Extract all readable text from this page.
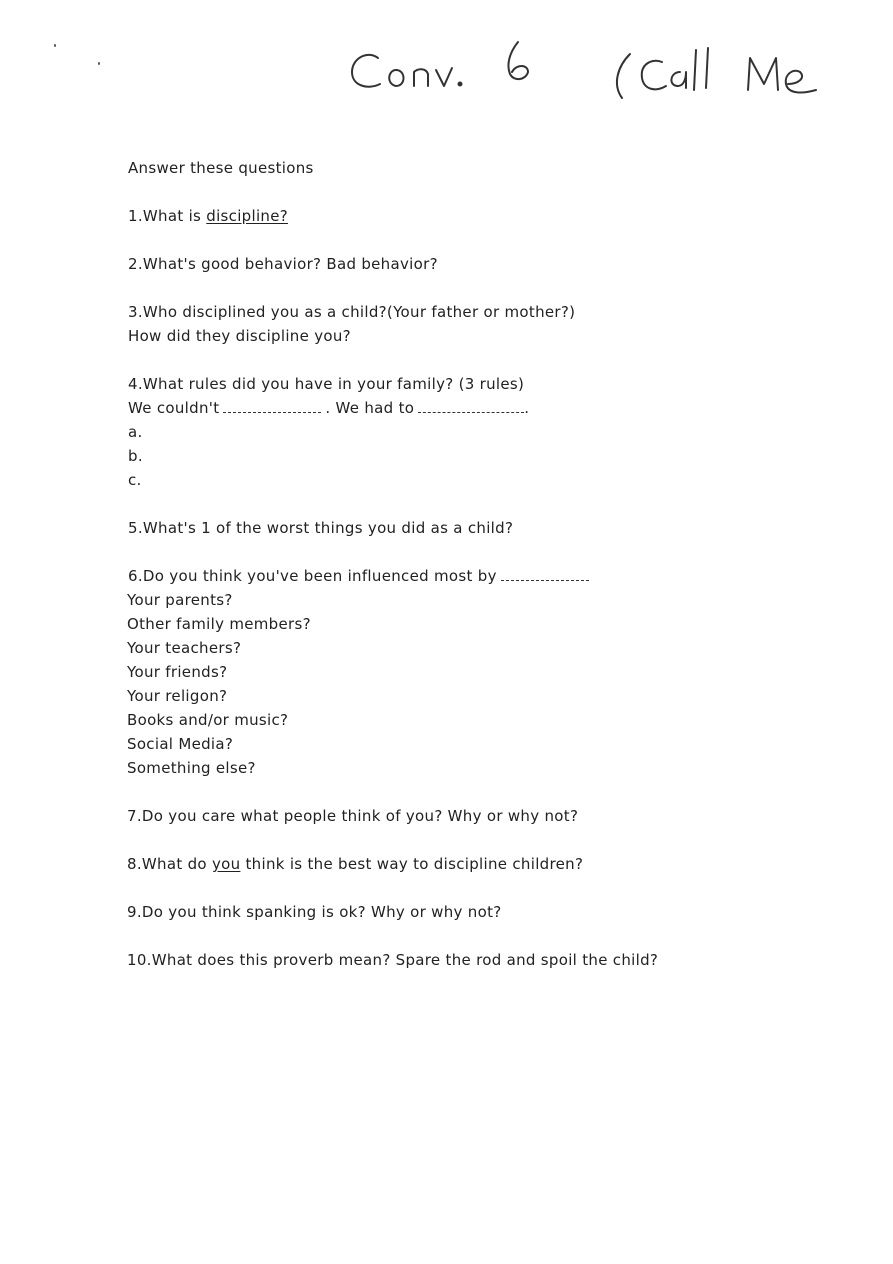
Answer these questions
1.What is discipline?
2.What's good behavior? Bad behavior?
3.Who disciplined you as a child?(Your father or mother?)
How did they discipline you?
4.What rules did you have in your family? (3 rules)
We couldn't	. We had to	.
a.
b.
c.
5.What's 1 of the worst things you did as a child?
6.Do you think you've been influenced most by
Your parents?
Other family members?
Your teachers?
Your friends?
Your religon?
Books and/or music?
Social Media?
Something else?
7.Do you care what people think of you? Why or why not?
8.What do you think is the best way to discipline children?
9.Do you think spanking is ok? Why or why not?
10.What does this proverb mean? Spare the rod and spoil the child?
